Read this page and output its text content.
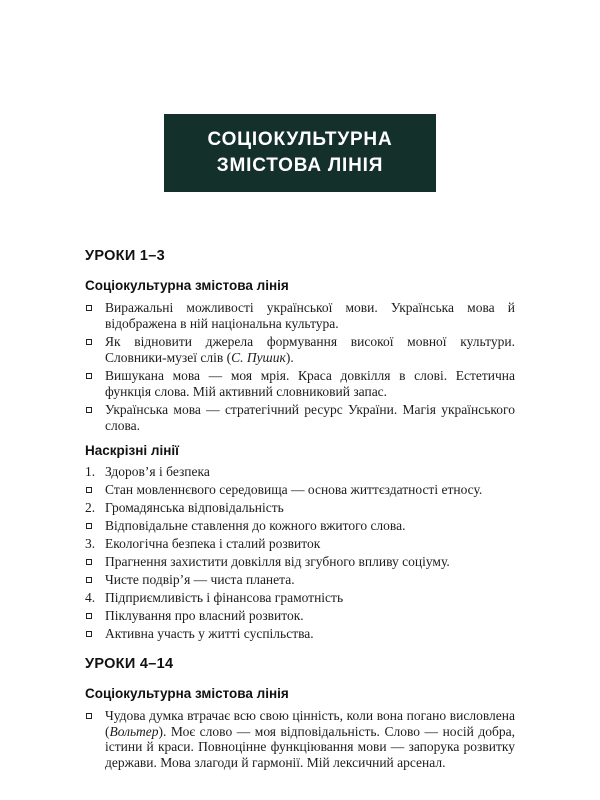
СОЦІОКУЛЬТУРНА
ЗМІСТОВА ЛІНІЯ
УРОКИ 1–3
Соціокультурна змістова лінія

Виражальні можливості української мови. Українська мова й відображена в ній національна культура.

Як відновити джерела формування високої мовної культури. Словники-музеї слів (С. Пушик).

Вишукана мова — моя мрія. Краса довкілля в слові. Естетична функція слова. Мій активний словниковий запас.

Українська мова — стратегічний ресурс України. Магія українського слова.

Наскрізні лінії
1. Здоров’я і безпека

Стан мовленнєвого середовища — основа життєздатності етносу.

2. Громадянська відповідальність

Відповідальне ставлення до кожного вжитого слова.

3. Екологічна безпека і сталий розвиток

Прагнення захистити довкілля від згубного впливу соціуму.

Чисте подвір’я — чиста планета.

4. Підприємливість і фінансова грамотність

Піклування про власний розвиток.

Активна участь у житті суспільства.

УРОКИ 4–14
Соціокультурна змістова лінія

Чудова думка втрачає всю свою цінність, коли вона погано висловлена (Вольтер). Моє слово — моя відповідальність. Слово — носій добра, істини й краси. Повноцінне функціювання мови — запорука розвитку держави. Мова злагоди й гармонії. Мій лексичний арсенал.
